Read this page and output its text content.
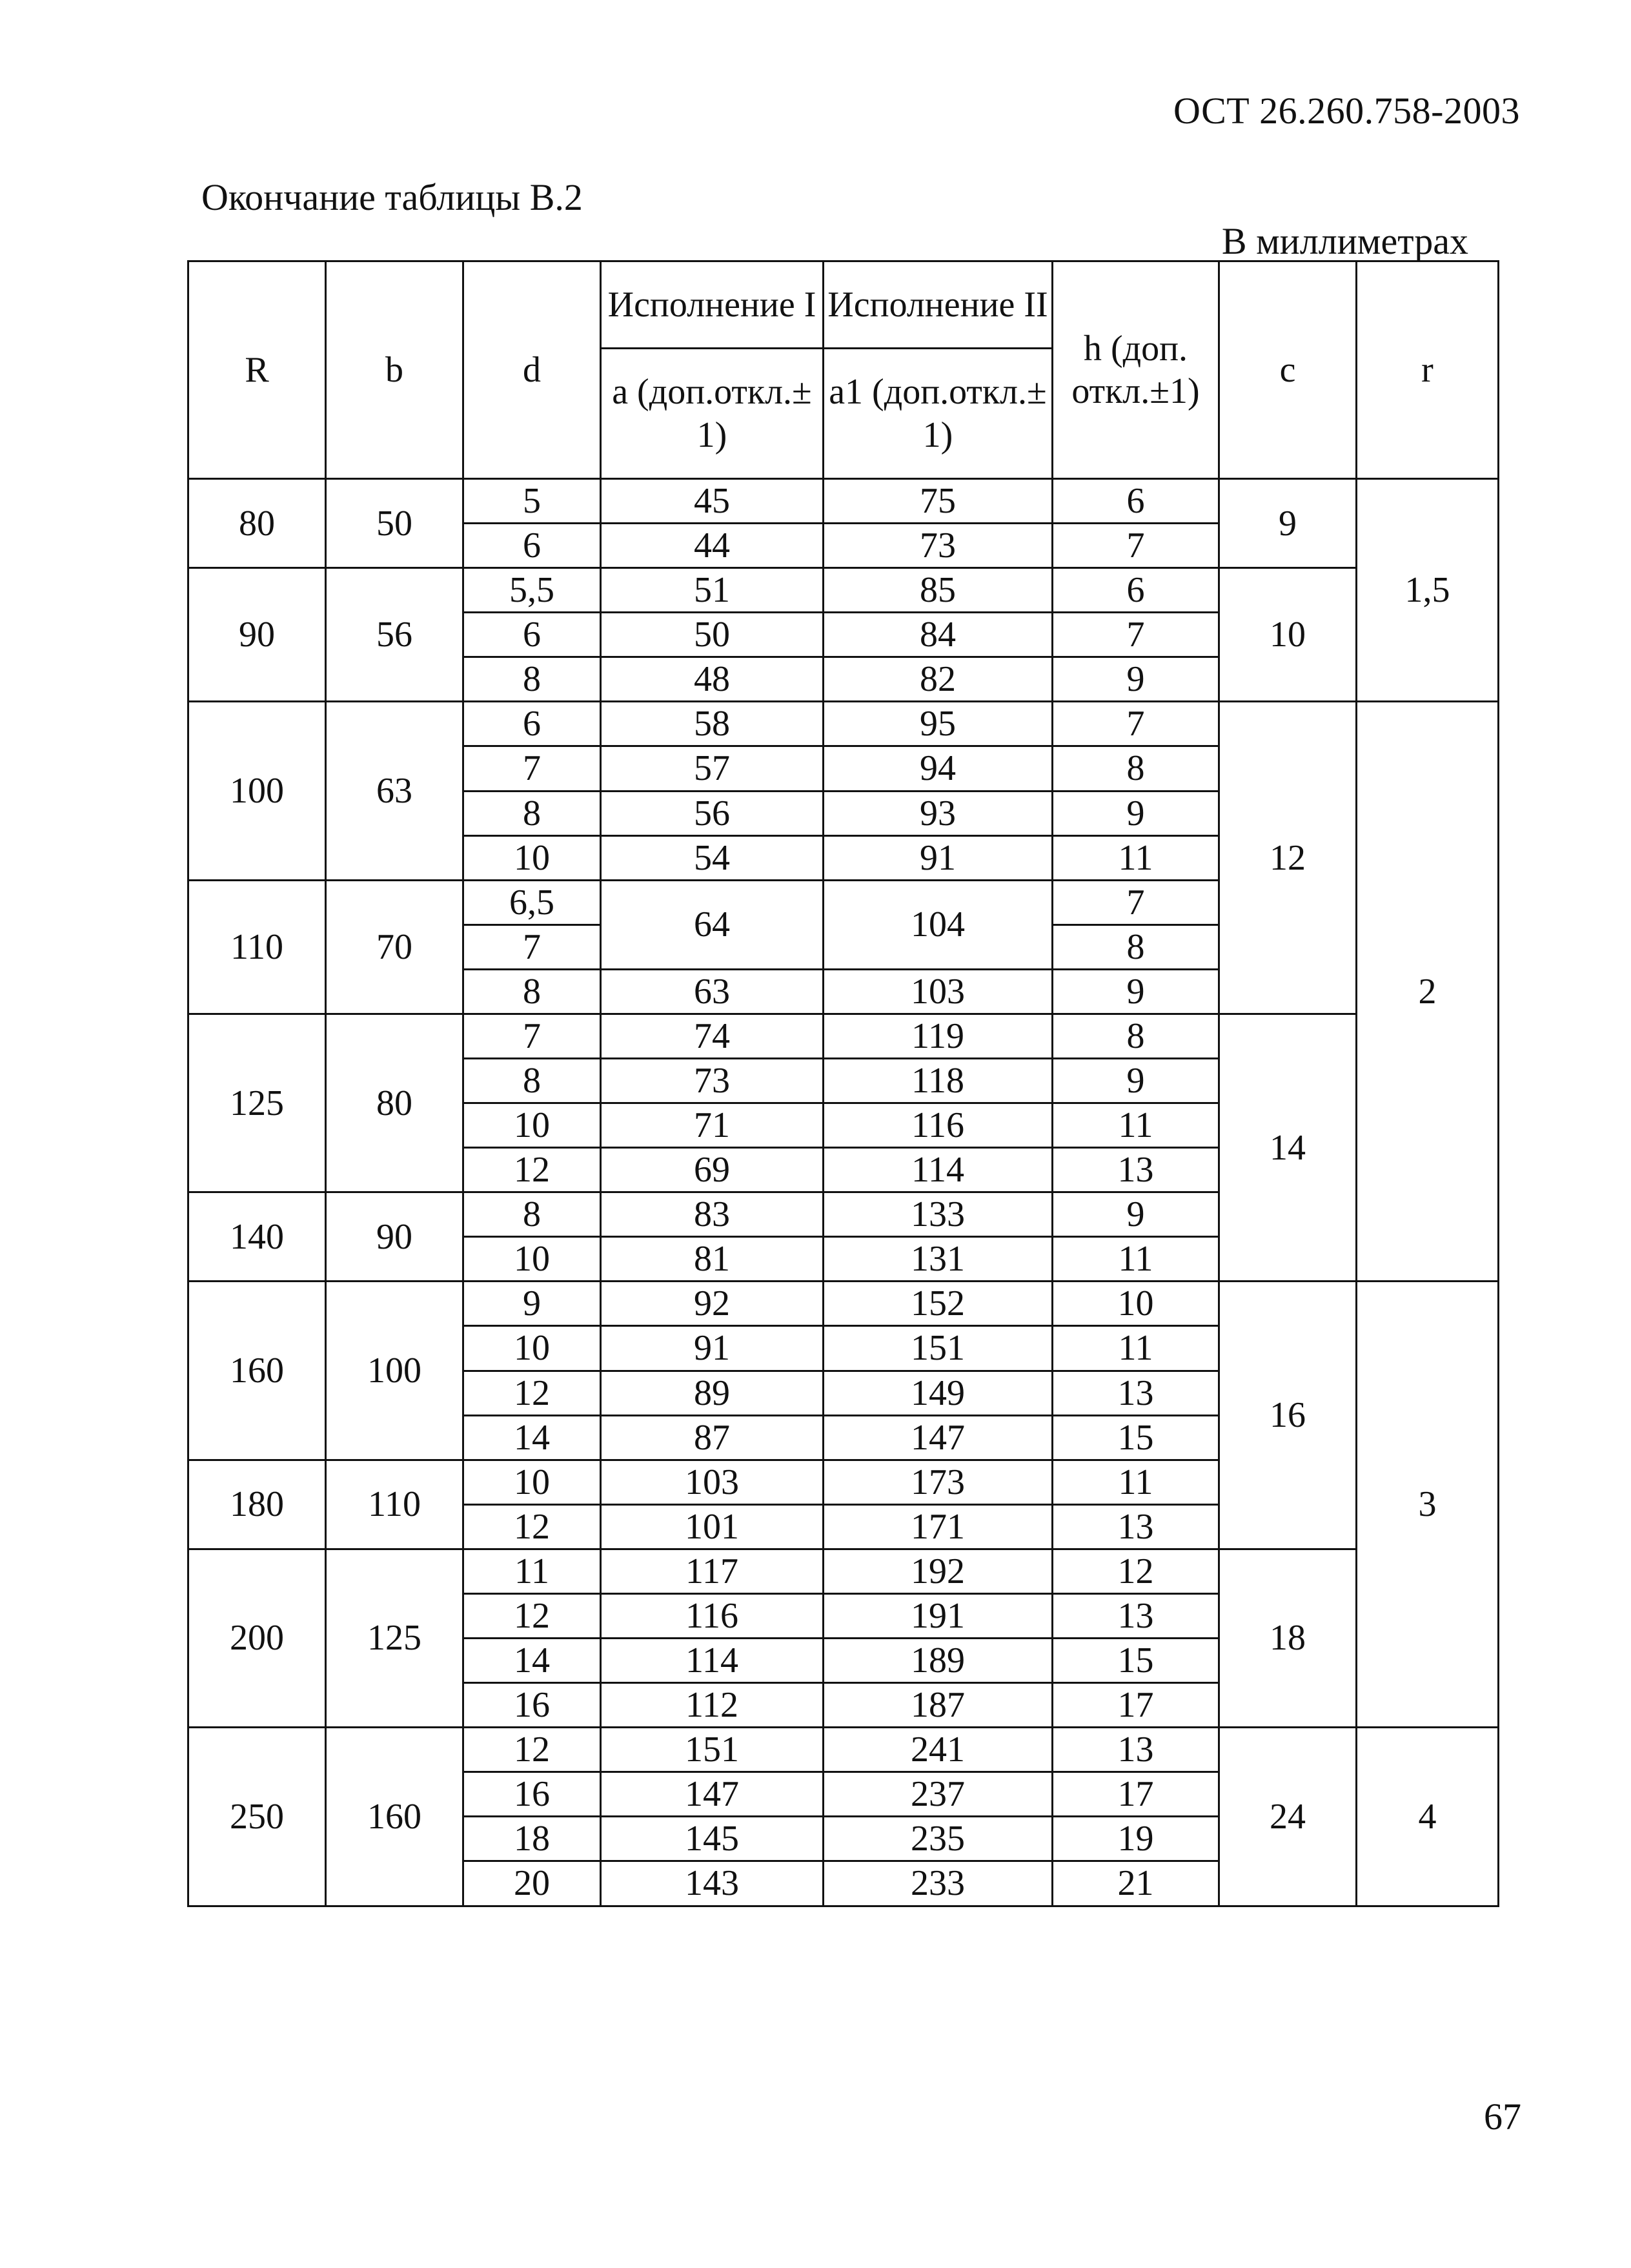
ОСТ 26.260.758-2003
Окончание таблицы В.2
В миллиметрах
R	b	d	Исполнение I	Исполнение II	h (доп. откл.±1)	c	r
			a (доп.откл.± 1)	a1 (доп.откл.± 1)			
80	50	5	45	75	6	9	1,5
		6	44	73	7		
90	56	5,5	51	85	6	10	
		6	50	84	7		
		8	48	82	9		
100	63	6	58	95	7	12	2
		7	57	94	8		
		8	56	93	9		
		10	54	91	11		
110	70	6,5	64	104	7		
		7			8		
		8	63	103	9		
125	80	7	74	119	8	14	
		8	73	118	9		
		10	71	116	11		
		12	69	114	13		
140	90	8	83	133	9		
		10	81	131	11		
160	100	9	92	152	10	16	3
		10	91	151	11		
		12	89	149	13		
		14	87	147	15		
180	110	10	103	173	11		
		12	101	171	13		
200	125	11	117	192	12	18	
		12	116	191	13		
		14	114	189	15		
		16	112	187	17		
250	160	12	151	241	13	24	4
		16	147	237	17		
		18	145	235	19		
		20	143	233	21		
67
